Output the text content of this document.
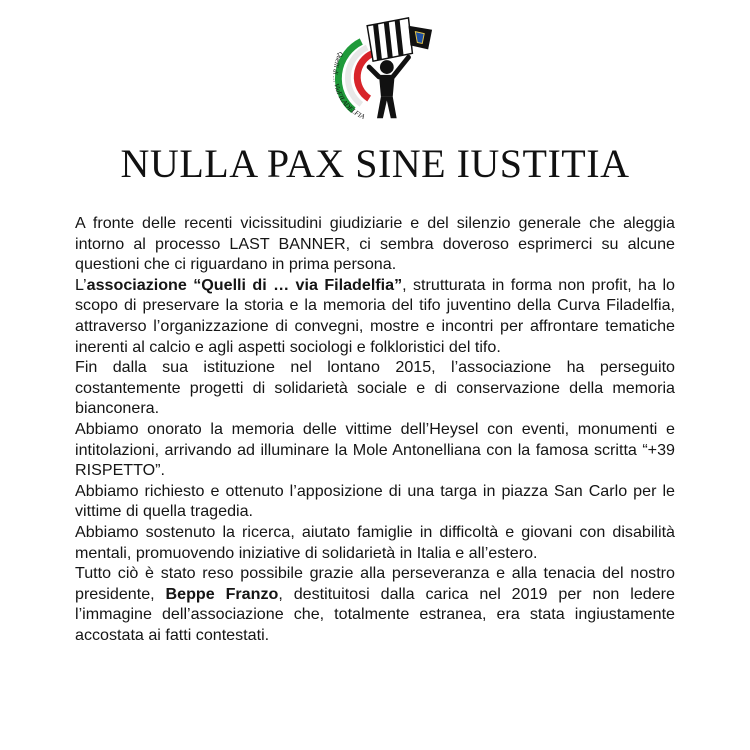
Quelli di … ViaFILADELFIA
NULLA PAX SINE IUSTITIA

A fronte delle recenti vicissitudini giudiziarie e del silenzio generale che aleggia intorno al processo LAST BANNER, ci sembra doveroso esprimerci su alcune questioni che ci riguardano in prima persona.

L’associazione “Quelli di … via Filadelfia”, strutturata in forma non profit, ha lo scopo di preservare la storia e la memoria del tifo juventino della Curva Filadelfia, attraverso l’organizzazione di convegni, mostre e incontri per affrontare tematiche inerenti al calcio e agli aspetti sociologi e folkloristici del tifo.

Fin dalla sua istituzione nel lontano 2015, l’associazione ha perseguito costantemente progetti di solidarietà sociale e di conservazione della memoria bianconera.

Abbiamo onorato la memoria delle vittime dell’Heysel con eventi, monumenti e intitolazioni, arrivando ad illuminare la Mole Antonelliana con la famosa scritta “+39 RISPETTO”.

Abbiamo richiesto e ottenuto l’apposizione di una targa in piazza San Carlo per le vittime di quella tragedia.

Abbiamo sostenuto la ricerca, aiutato famiglie in difficoltà e giovani con disabilità mentali, promuovendo iniziative di solidarietà in Italia e all’estero.

Tutto ciò è stato reso possibile grazie alla perseveranza e alla tenacia del nostro presidente, Beppe Franzo, destituitosi dalla carica nel 2019 per non ledere l’immagine dell’associazione che, totalmente estranea, era stata ingiustamente accostata ai fatti contestati.
